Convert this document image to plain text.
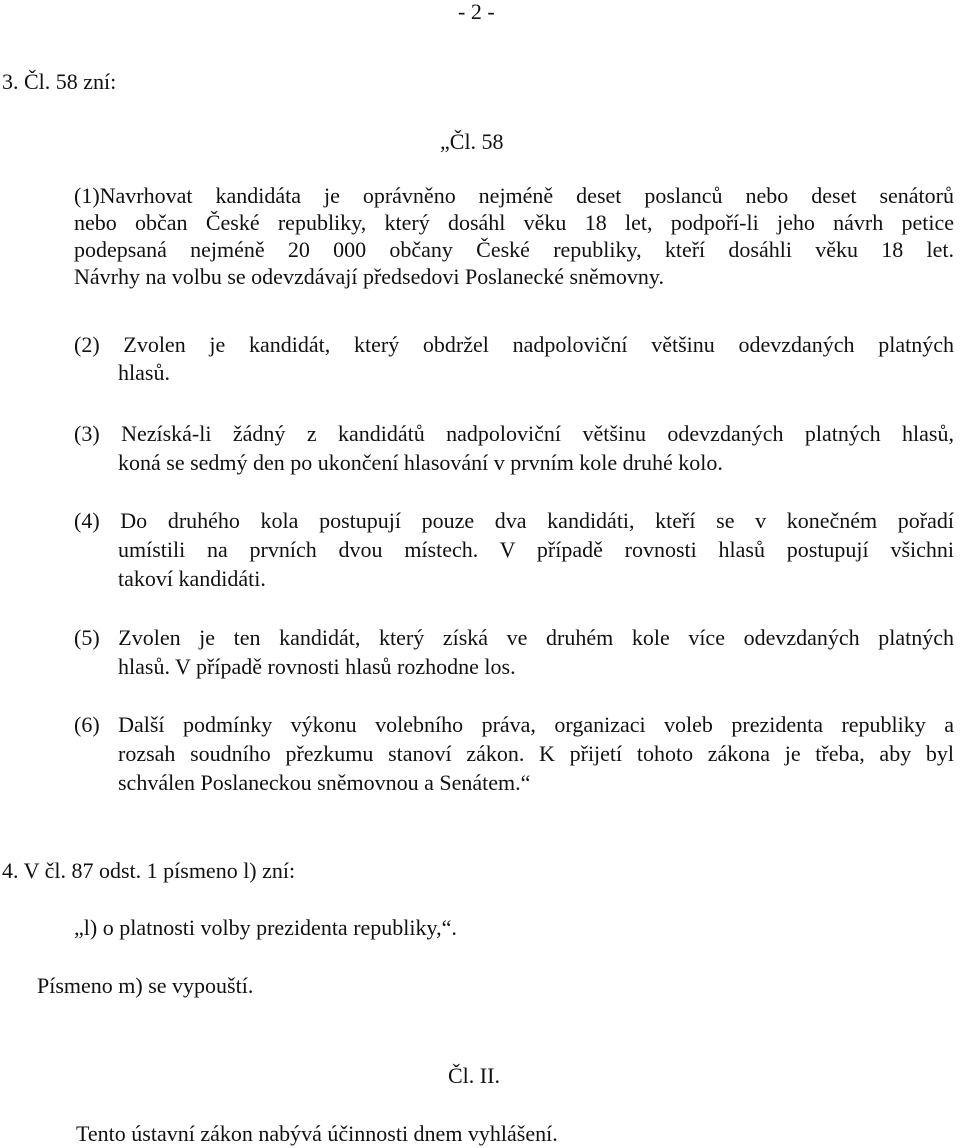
- 2 -
3. Čl. 58 zní:
„Čl. 58
(1)Navrhovat kandidáta je oprávněno nejméně deset poslanců nebo deset senátorů
nebo občan České republiky, který dosáhl věku 18 let, podpoří-li jeho návrh petice
podepsaná nejméně 20 000 občany České republiky, kteří dosáhli věku 18 let.
Návrhy na volbu se odevzdávají předsedovi Poslanecké sněmovny.
(2) Zvolen je kandidát, který obdržel nadpoloviční většinu odevzdaných platných
hlasů.
(3) Nezíská-li žádný z kandidátů nadpoloviční většinu odevzdaných platných hlasů,
koná se sedmý den po ukončení hlasování v prvním kole druhé kolo.
(4) Do druhého kola postupují pouze dva kandidáti, kteří se v konečném pořadí
umístili na prvních dvou místech. V případě rovnosti hlasů postupují všichni
takoví kandidáti.
(5) Zvolen je ten kandidát, který získá ve druhém kole více odevzdaných platných
hlasů. V případě rovnosti hlasů rozhodne los.
(6) Další podmínky výkonu volebního práva, organizaci voleb prezidenta republiky a
rozsah soudního přezkumu stanoví zákon. K přijetí tohoto zákona je třeba, aby byl
schválen Poslaneckou sněmovnou a Senátem.“
4. V čl. 87 odst. 1 písmeno l) zní:
„l) o platnosti volby prezidenta republiky,“.
Písmeno m) se vypouští.
Čl. II.
Tento ústavní zákon nabývá účinnosti dnem vyhlášení.
